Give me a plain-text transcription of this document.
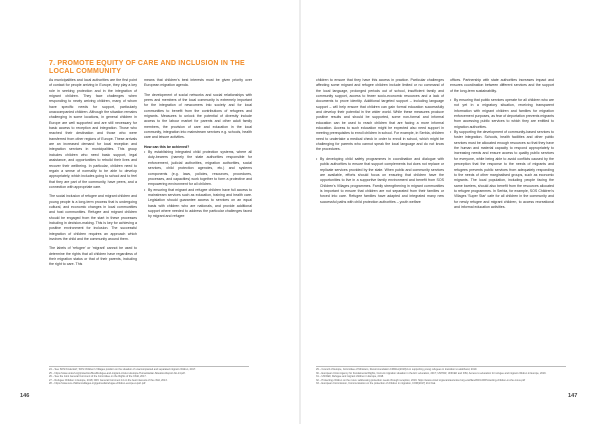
7. PROMOTE EQUITY OF CARE AND INCLUSION IN THE LOCAL COMMUNITY

As municipalities and local authorities are the first point of contact for people arriving in Europe, they play a key role in seeking protection and in the integration of migrant children. They face challenges when responding to newly arriving children, many of whom have specific needs for support, particularly unaccompanied children. Although the situation remains challenging in some locations, in general children in Europe are well supported and are still necessary for basic access to reception and integration. Those who reached their destination and those who were transferred from other regions of Europe. These arrivals are an increased demand for local reception and integration services in municipalities. This group includes children who need basic support, legal assistance, and opportunities to rebuild their lives and recover their wellbeing. In particular, children need to regain a sense of normality to be able to develop appropriately, which includes going to school and to feel that they are part of the community, have peers, and a connection with appropriate care.

The social inclusion of refugee and migrant children and young people is a long-term process that is undergoing cultural, and economic changes in local communities and host communities. Refugee and migrant children should be engaged from the start in these processes including in decision-making. This is key for achieving a positive environment for inclusion. The successful integration of children requires an approach which involves the child and the community around them.

The labels of 'refugee' or 'migrant' cannot be used to determine the rights that all children have regardless of their migration status or that of their parents, including the right to care. This

means that children's best interests must be given priority over European migration agenda.

The development of social networks and social relationships with peers and members of the local community is extremely important for the integration of newcomers into society and for local communities to benefit from the contributions of refugees and migrants. Measures to unlock the potential of diversity include access to the labour market for parents and other adult family members, the provision of care and education in the local community, integration into mainstream services e.g. schools, health care and leisure activities.

How can this be achieved?

• By establishing integrated child protection systems, where all duty-bearers (namely the state authorities responsible for enforcement, judicial authorities, migration authorities, social services, child protection agencies, etc.) and systems components (e.g. laws, policies, resources, procedures, processes, and capacities) work together to form a protective and empowering environment for all children.
• By ensuring that migrant and refugee children have full access to mainstream services such as education, training and health care. Legislation should guarantee access to services on an equal basis with children who are nationals, and provide additional support where needed to address the particular challenges faced by migrant and refugee
24 – See SOS Kinderdorf, SOS Children's Villages position on the situation of unaccompanied and separated migrant children, 2017.
25 – https://www.unicef.org/protection/files/Refugee-and-migrant-crisis-in-Europe-Humanitarian-Situation-Report-No-14.pdf.
26 – See the Joint General Comment of the Committee on the Rights of the Child, 2017.
27 – Refugee Children in Europe, 2018; CRC General Comment 14 on the best interests of the child, 2013.
28 – https://www.sos-childrensvillages.org/getmedia/refugee-children-europe-report.pdf
146

children to ensure that they have this access in practice. Particular challenges affecting some migrant and refugee children include limited or no command of the local language, prolonged periods out of school, insufficient family and community support, access to fewer socio-economic resources and a lack of documents to prove identity. Additional targeted support – including language support – will help ensure that children can gain formal education successfully and develop their potential in the wider world. While these measures produce positive results and should be supported, some non-formal and informal education can be used to reach children that are facing a more informal education. Access to such education might be expected also need support in meeting prerequisites to enroll children in school. For example, in Serbia, children need to undertake a medical check in order to enroll in school, which might be challenging for parents who cannot speak the local language and do not know the procedures.

• By developing child safety programmes in coordination and dialogue with public authorities to ensure that support complements but does not replace or replicate services provided by the state. When public and community services are available, efforts should focus on ensuring that children have the opportunities to live in a supportive family environment and benefit from SOS Children's Villages programmes. Family strengthening in migrant communities is important to ensure that children are not separated from their families or forced into care. Refugee families have adapted and integrated many new successful paths with child protection authorities – youth welfare

offices. Partnership with state authorities increases impact and ensures coordination between different services and the support of the long-term sustainability.

• By ensuring that public services operate for all children who are not yet in a migratory situation, receiving transparent information with migrant children and families for migration enforcement purposes, as fear of deportation prevents migrants from accessing public services to which they are entitled to migration authorities.
• By supporting the development of community-based services to foster integration. Schools, health facilities and other public services must be allocated enough resources so that they have the human and material capacity to respond appropriately to increasing needs and ensure access to quality public services for everyone, while being able to avoid conflicts caused by the perception that the response to the needs of migrants and refugees prevents public services from adequately responding to the needs of other marginalised groups, such as economic migrants. The local population, including people facing the same barriers, should also benefit from the resources allocated to refugee programmes. In Serbia, for example, SOS Children's Villages 'Super Star' cafe for all children in the community and for newly refugee and migrant children, to access recreational and informal education activities.
29 – Council of Europe, Committee of Ministers, Recommendation CM/Rec(2019)4 on supporting young refugees in transition to adulthood, 2019.
30 – European Union Agency for Fundamental Rights, Current migration situation in the EU: education, 2017; UNHCR, UNICEF and IOM, Access to education for refugee and migrant children in Europe, 2019.
31 – UNICEF, Refugee and migrant children in Europe, 2018.
32 – Protecting children on the move: addressing protection needs through reception, 2019. https://www.unicef.org/eca/sites/unicef.org.eca/files/2019-09/Protecting-children-on-the-move.pdf
33 – European Commission, Communication on the protection of children in migration, COM(2017) 211 final.
147
